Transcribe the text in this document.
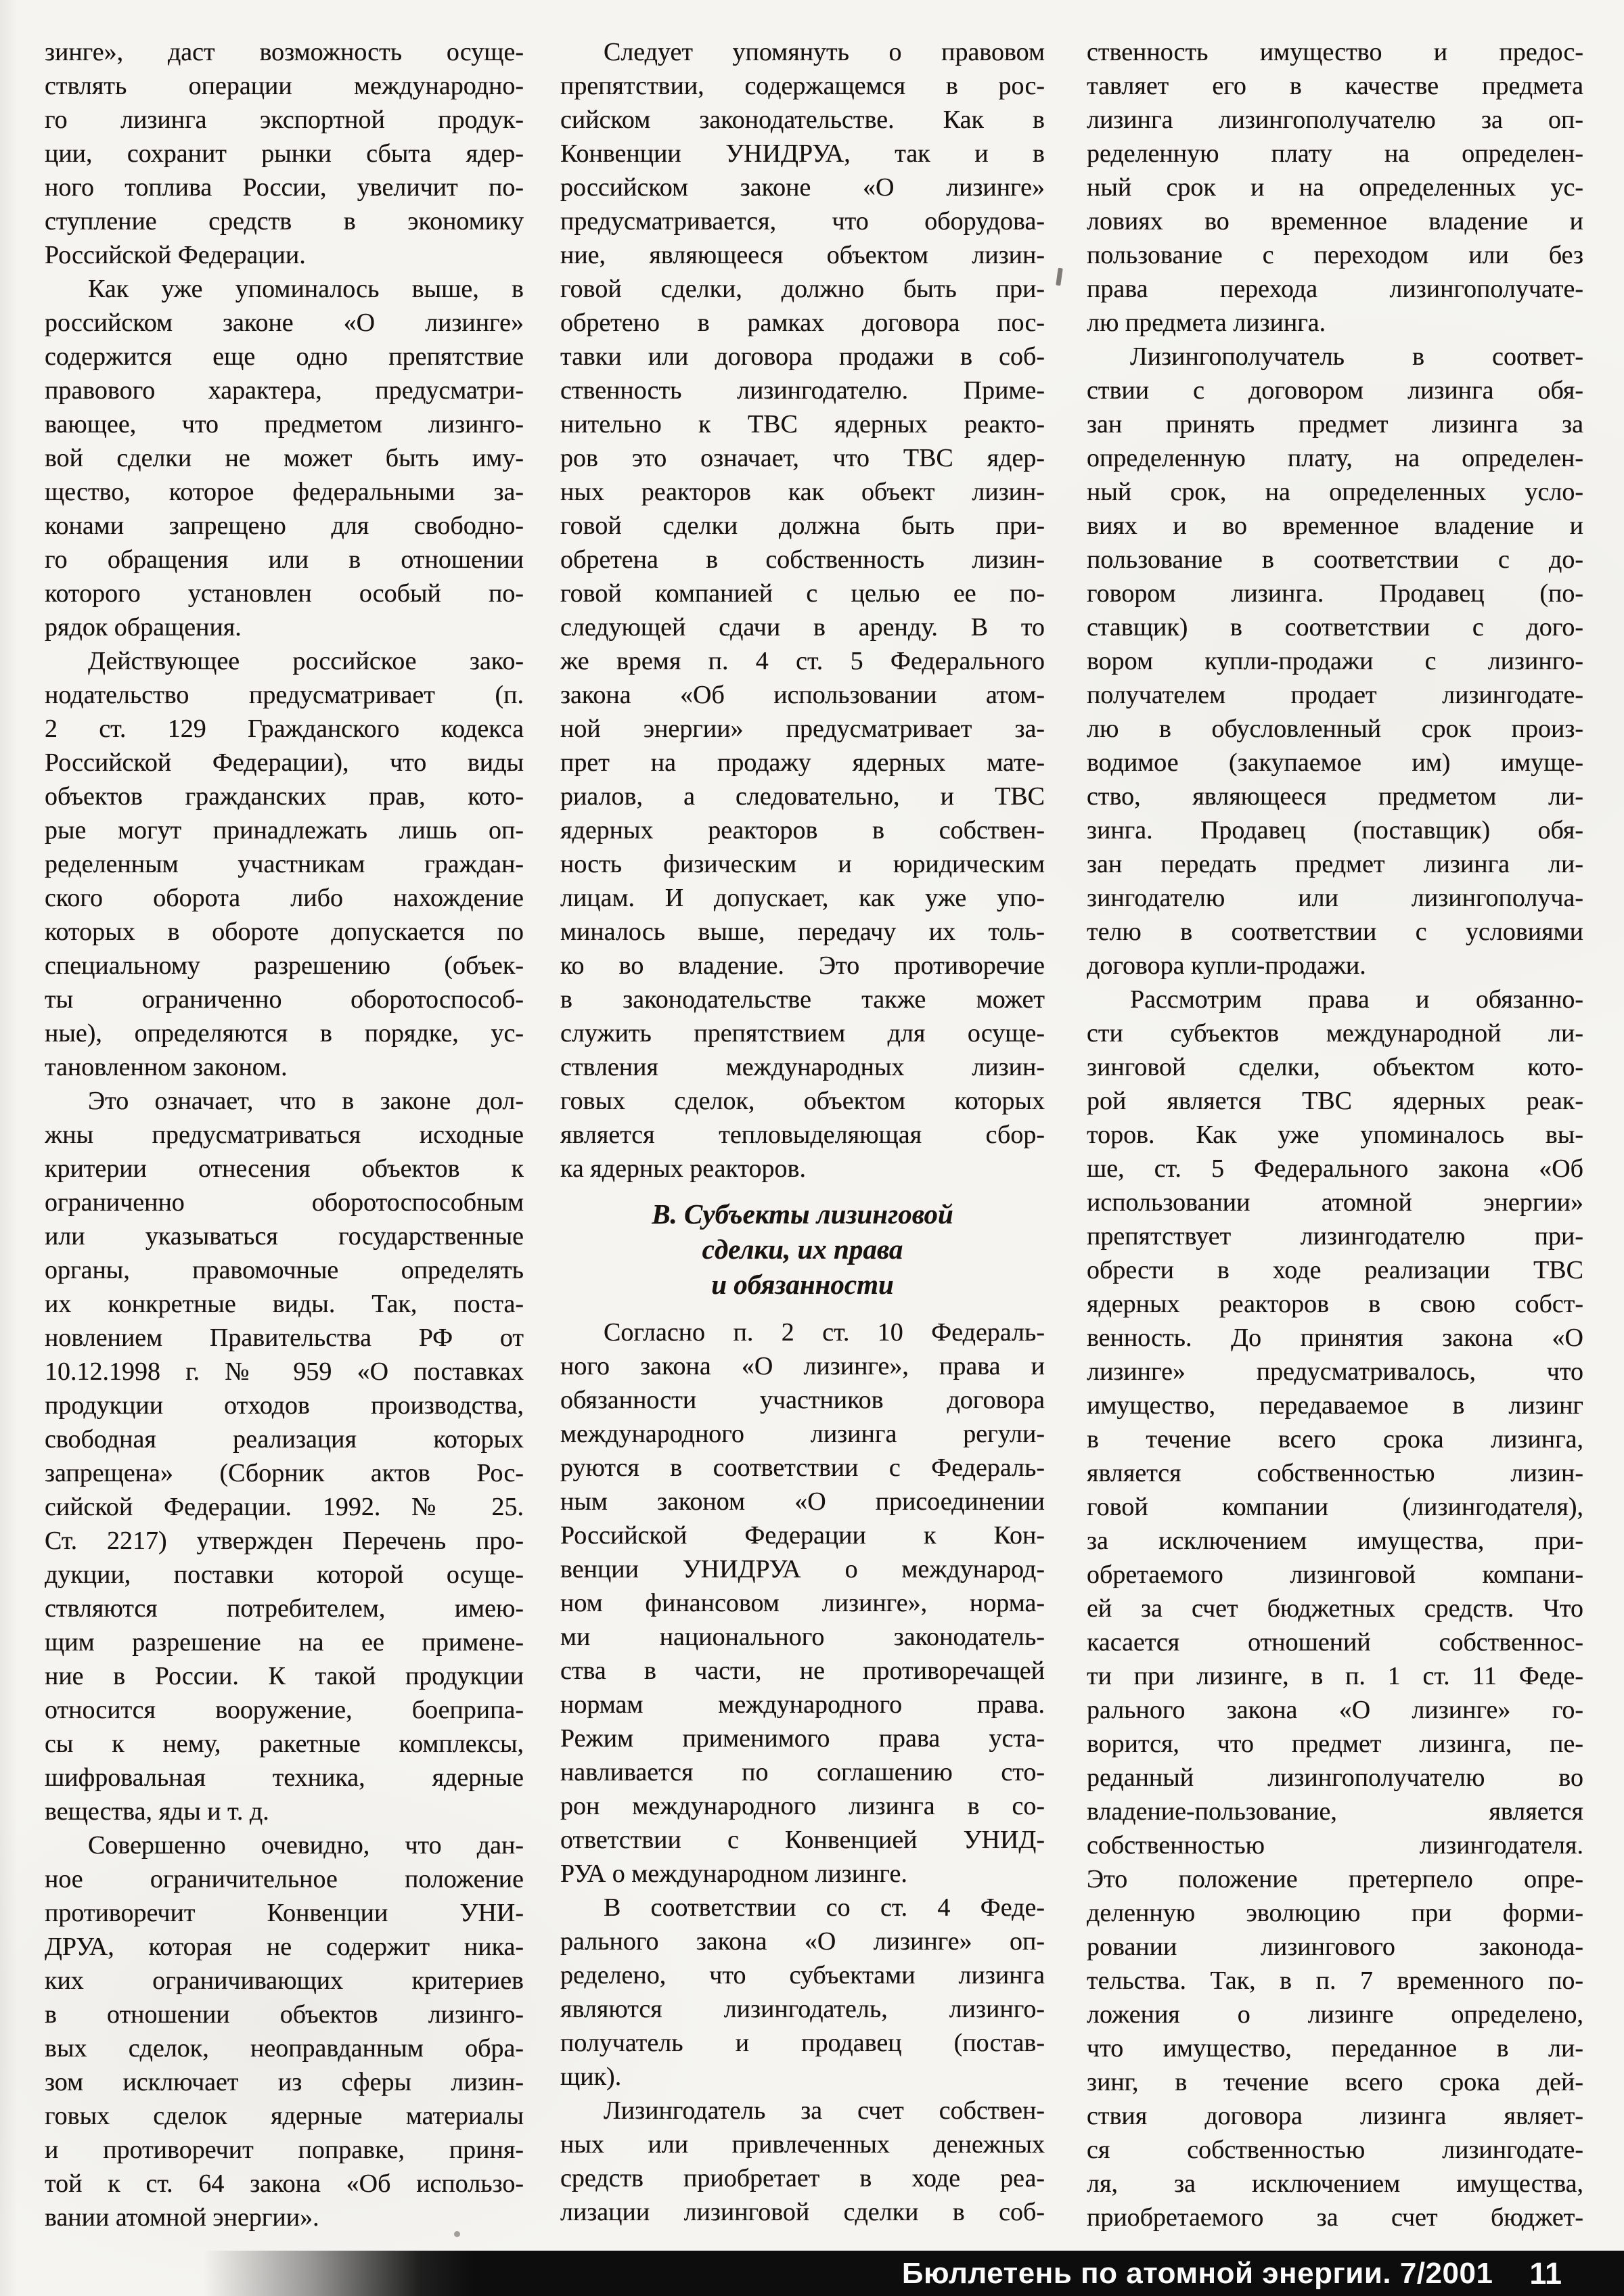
зинге», даст возможность осуще-
ствлять операции международно-
го лизинга экспортной продук-
ции, сохранит рынки сбыта ядер-
ного топлива России, увеличит по-
ступление средств в экономику
Российской Федерации.
Как уже упоминалось выше, в
российском законе «О лизинге»
содержится еще одно препятствие
правового характера, предусматри-
вающее, что предметом лизинго-
вой сделки не может быть иму-
щество, которое федеральными за-
конами запрещено для свободно-
го обращения или в отношении
которого установлен особый по-
рядок обращения.
Действующее российское зако-
нодательство предусматривает (п.
2 ст. 129 Гражданского кодекса
Российской Федерации), что виды
объектов гражданских прав, кото-
рые могут принадлежать лишь оп-
ределенным участникам граждан-
ского оборота либо нахождение
которых в обороте допускается по
специальному разрешению (объек-
ты ограниченно оборотоспособ-
ные), определяются в порядке, ус-
тановленном законом.
Это означает, что в законе дол-
жны предусматриваться исходные
критерии отнесения объектов к
ограниченно оборотоспособным
или указываться государственные
органы, правомочные определять
их конкретные виды. Так, поста-
новлением Правительства РФ от
10.12.1998 г. № 959 «О поставках
продукции отходов производства,
свободная реализация которых
запрещена» (Сборник актов Рос-
сийской Федерации. 1992. № 25.
Ст. 2217) утвержден Перечень про-
дукции, поставки которой осуще-
ствляются потребителем, имею-
щим разрешение на ее примене-
ние в России. К такой продукции
относится вооружение, боеприпа-
сы к нему, ракетные комплексы,
шифровальная техника, ядерные
вещества, яды и т. д.
Совершенно очевидно, что дан-
ное ограничительное положение
противоречит Конвенции УНИ-
ДРУА, которая не содержит ника-
ких ограничивающих критериев
в отношении объектов лизинго-
вых сделок, неоправданным обра-
зом исключает из сферы лизин-
говых сделок ядерные материалы
и противоречит поправке, приня-
той к ст. 64 закона «Об использо-
вании атомной энергии».
Следует упомянуть о правовом
препятствии, содержащемся в рос-
сийском законодательстве. Как в
Конвенции УНИДРУА, так и в
российском законе «О лизинге»
предусматривается, что оборудова-
ние, являющееся объектом лизин-
говой сделки, должно быть при-
обретено в рамках договора пос-
тавки или договора продажи в соб-
ственность лизингодателю. Приме-
нительно к ТВС ядерных реакто-
ров это означает, что ТВС ядер-
ных реакторов как объект лизин-
говой сделки должна быть при-
обретена в собственность лизин-
говой компанией с целью ее по-
следующей сдачи в аренду. В то
же время п. 4 ст. 5 Федерального
закона «Об использовании атом-
ной энергии» предусматривает за-
прет на продажу ядерных мате-
риалов, а следовательно, и ТВС
ядерных реакторов в собствен-
ность физическим и юридическим
лицам. И допускает, как уже упо-
миналось выше, передачу их толь-
ко во владение. Это противоречие
в законодательстве также может
служить препятствием для осуще-
ствления международных лизин-
говых сделок, объектом которых
является тепловыделяющая сбор-
ка ядерных реакторов.
В. Субъекты лизинговой
сделки, их права
и обязанности
Согласно п. 2 ст. 10 Федераль-
ного закона «О лизинге», права и
обязанности участников договора
международного лизинга регули-
руются в соответствии с Федераль-
ным законом «О присоединении
Российской Федерации к Кон-
венции УНИДРУА о международ-
ном финансовом лизинге», норма-
ми национального законодатель-
ства в части, не противоречащей
нормам международного права.
Режим применимого права уста-
навливается по соглашению сто-
рон международного лизинга в со-
ответствии с Конвенцией УНИД-
РУА о международном лизинге.
В соответствии со ст. 4 Феде-
рального закона «О лизинге» оп-
ределено, что субъектами лизинга
являются лизингодатель, лизинго-
получатель и продавец (постав-
щик).
Лизингодатель за счет собствен-
ных или привлеченных денежных
средств приобретает в ходе реа-
лизации лизинговой сделки в соб-
ственность имущество и предос-
тавляет его в качестве предмета
лизинга лизингополучателю за оп-
ределенную плату на определен-
ный срок и на определенных ус-
ловиях во временное владение и
пользование с переходом или без
права перехода лизингополучате-
лю предмета лизинга.
Лизингополучатель в соответ-
ствии с договором лизинга обя-
зан принять предмет лизинга за
определенную плату, на определен-
ный срок, на определенных усло-
виях и во временное владение и
пользование в соответствии с до-
говором лизинга. Продавец (по-
ставщик) в соответствии с дого-
вором купли-продажи с лизинго-
получателем продает лизингодате-
лю в обусловленный срок произ-
водимое (закупаемое им) имуще-
ство, являющееся предметом ли-
зинга. Продавец (поставщик) обя-
зан передать предмет лизинга ли-
зингодателю или лизингополуча-
телю в соответствии с условиями
договора купли-продажи.
Рассмотрим права и обязанно-
сти субъектов международной ли-
зинговой сделки, объектом кото-
рой является ТВС ядерных реак-
торов. Как уже упоминалось вы-
ше, ст. 5 Федерального закона «Об
использовании атомной энергии»
препятствует лизингодателю при-
обрести в ходе реализации ТВС
ядерных реакторов в свою собст-
венность. До принятия закона «О
лизинге» предусматривалось, что
имущество, передаваемое в лизинг
в течение всего срока лизинга,
является собственностью лизин-
говой компании (лизингодателя),
за исключением имущества, при-
обретаемого лизинговой компани-
ей за счет бюджетных средств. Что
касается отношений собственнос-
ти при лизинге, в п. 1 ст. 11 Феде-
рального закона «О лизинге» го-
ворится, что предмет лизинга, пе-
реданный лизингополучателю во
владение-пользование, является
собственностью лизингодателя.
Это положение претерпело опре-
деленную эволюцию при форми-
ровании лизингового законода-
тельства. Так, в п. 7 временного по-
ложения о лизинге определено,
что имущество, переданное в ли-
зинг, в течение всего срока дей-
ствия договора лизинга являет-
ся собственностью лизингодате-
ля, за исключением имущества,
приобретаемого за счет бюджет-
Бюллетень по атомной энергии. 7/2001 11
